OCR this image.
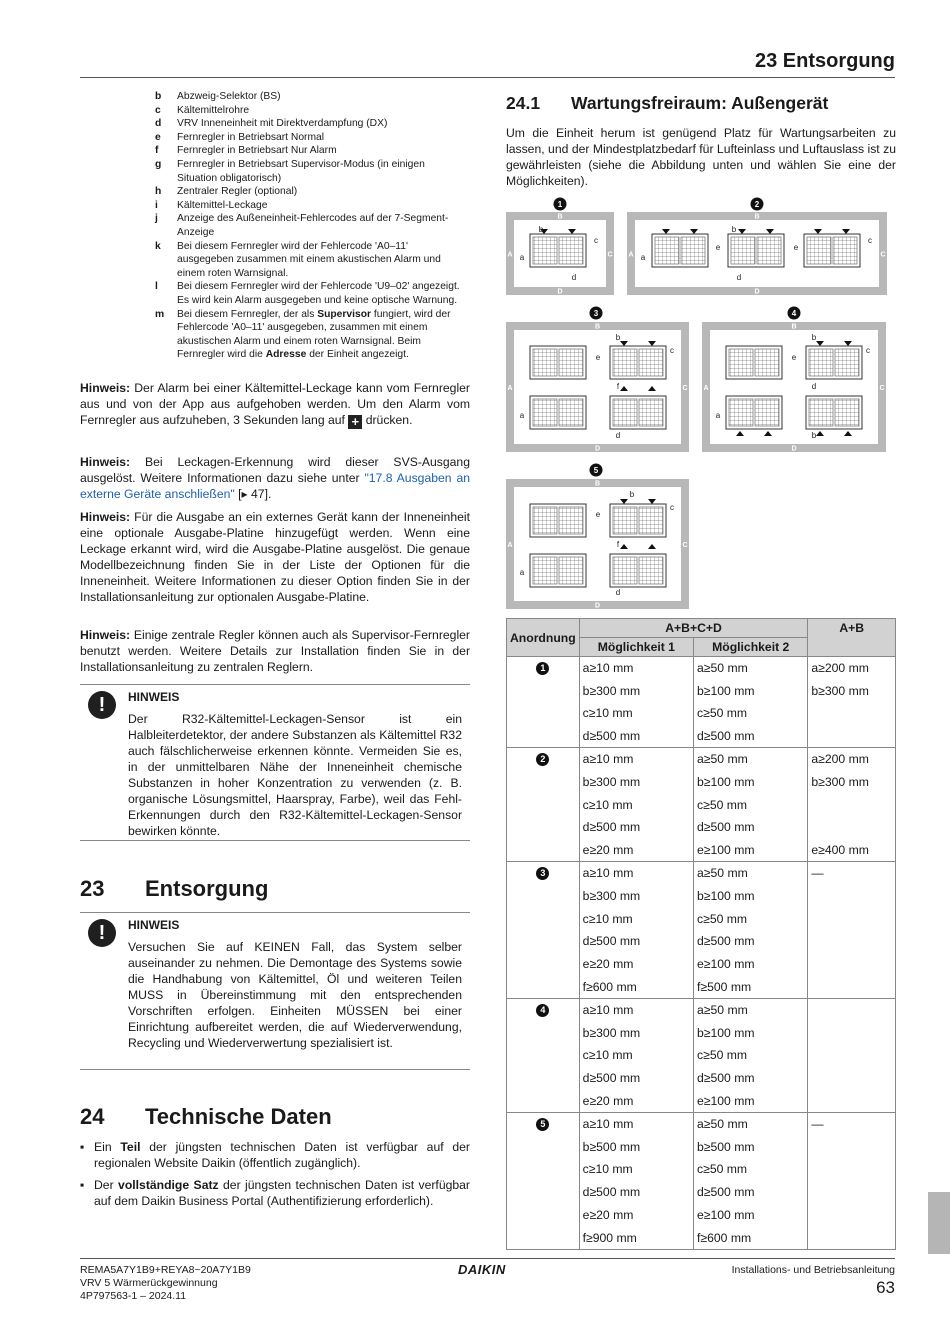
23 Entsorgung
b	Abzweig-Selektor (BS)
c	Kältemittelrohre
d	VRV Inneneinheit mit Direktverdampfung (DX)
e	Fernregler in Betriebsart Normal
f	Fernregler in Betriebsart Nur Alarm
g	Fernregler in Betriebsart Supervisor-Modus (in einigen Situation obligatorisch)
h	Zentraler Regler (optional)
i	Kältemittel-Leckage
j	Anzeige des Außeneinheit-Fehlercodes auf der 7-Segment-Anzeige
k	Bei diesem Fernregler wird der Fehlercode 'A0–11' ausgegeben zusammen mit einem akustischen Alarm und einem roten Warnsignal.
l	Bei diesem Fernregler wird der Fehlercode 'U9–02' angezeigt. Es wird kein Alarm ausgegeben und keine optische Warnung.
m	Bei diesem Fernregler, der als Supervisor fungiert, wird der Fehlercode 'A0–11' ausgegeben, zusammen mit einem akustischen Alarm und einem roten Warnsignal. Beim Fernregler wird die Adresse der Einheit angezeigt.
Hinweis: Der Alarm bei einer Kältemittel-Leckage kann vom Fernregler aus und von der App aus aufgehoben werden. Um den Alarm vom Fernregler aus aufzuheben, 3 Sekunden lang auf + drücken.
Hinweis: Bei Leckagen-Erkennung wird dieser SVS-Ausgang ausgelöst. Weitere Informationen dazu siehe unter "17.8 Ausgaben an externe Geräte anschließen" [▸ 47].
Hinweis: Für die Ausgabe an ein externes Gerät kann der Inneneinheit eine optionale Ausgabe-Platine hinzugefügt werden. Wenn eine Leckage erkannt wird, wird die Ausgabe-Platine ausgelöst. Die genaue Modellbezeichnung finden Sie in der Liste der Optionen für die Inneneinheit. Weitere Informationen zu dieser Option finden Sie in der Installationsanleitung zur optionalen Ausgabe-Platine.
Hinweis: Einige zentrale Regler können auch als Supervisor-Fernregler benutzt werden. Weitere Details zur Installation finden Sie in der Installationsanleitung zu zentralen Reglern.
!	HINWEIS
Der R32-Kältemittel-Leckagen-Sensor ist ein Halbleiterdetektor, der andere Substanzen als Kältemittel R32 auch fälschlicherweise erkennen könnte. Vermeiden Sie es, in der unmittelbaren Nähe der Inneneinheit chemische Substanzen in hoher Konzentration zu verwenden (z. B. organische Lösungsmittel, Haarspray, Farbe), weil das Fehl-Erkennungen durch den R32-Kältemittel-Leckagen-Sensor bewirken könnte.
23 Entsorgung
!	HINWEIS
Versuchen Sie auf KEINEN Fall, das System selber auseinander zu nehmen. Die Demontage des Systems sowie die Handhabung von Kältemittel, Öl und weiteren Teilen MUSS in Übereinstimmung mit den entsprechenden Vorschriften erfolgen. Einheiten MÜSSEN bei einer Einrichtung aufbereitet werden, die auf Wiederverwendung, Recycling und Wiederverwertung spezialisiert ist.
24 Technische Daten
▪ Ein Teil der jüngsten technischen Daten ist verfügbar auf der regionalen Website Daikin (öffentlich zugänglich).
▪ Der vollständige Satz der jüngsten technischen Daten ist verfügbar auf dem Daikin Business Portal (Authentifizierung erforderlich).
24.1 Wartungsfreiraum: Außengerät
Um die Einheit herum ist genügend Platz für Wartungsarbeiten zu lassen, und der Mindestplatzbedarf für Lufteinlass und Luftauslass ist zu gewährleisten (siehe die Abbildung unten und wählen Sie eine der Möglichkeiten).
B
D
A	C
1
b
c
a
d
B
D
A	C
2
b
c
a
d
e	e
B
D
A	C
3
b
c
e
f
a
d
B
D
A	C
4
b
c
e
d
a
b
B
D
A	C
5
b
c
e
f
a
d
Anordnung	A+B+C+D		A+B
	Möglichkeit 1	Möglichkeit 2	
1	a≥10 mm	a≥50 mm	a≥200 mm
	b≥300 mm	b≥100 mm	b≥300 mm
	c≥10 mm	c≥50 mm	
	d≥500 mm	d≥500 mm	
2	a≥10 mm	a≥50 mm	a≥200 mm
	b≥300 mm	b≥100 mm	b≥300 mm
	c≥10 mm	c≥50 mm	
	d≥500 mm	d≥500 mm	
	e≥20 mm	e≥100 mm	e≥400 mm
3	a≥10 mm	a≥50 mm	—
	b≥300 mm	b≥100 mm	
	c≥10 mm	c≥50 mm	
	d≥500 mm	d≥500 mm	
	e≥20 mm	e≥100 mm	
	f≥600 mm	f≥500 mm	
4	a≥10 mm	a≥50 mm	
	b≥300 mm	b≥100 mm	
	c≥10 mm	c≥50 mm	
	d≥500 mm	d≥500 mm	
	e≥20 mm	e≥100 mm	
5	a≥10 mm	a≥50 mm	—
	b≥500 mm	b≥500 mm	
	c≥10 mm	c≥50 mm	
	d≥500 mm	d≥500 mm	
	e≥20 mm	e≥100 mm	
	f≥900 mm	f≥600 mm	
REMA5A7Y1B9+REYA8~20A7Y1B9
VRV 5 Wärmerückgewinnung
4P797563-1 – 2024.11
DAIKIN	Installations- und Betriebsanleitung
63
